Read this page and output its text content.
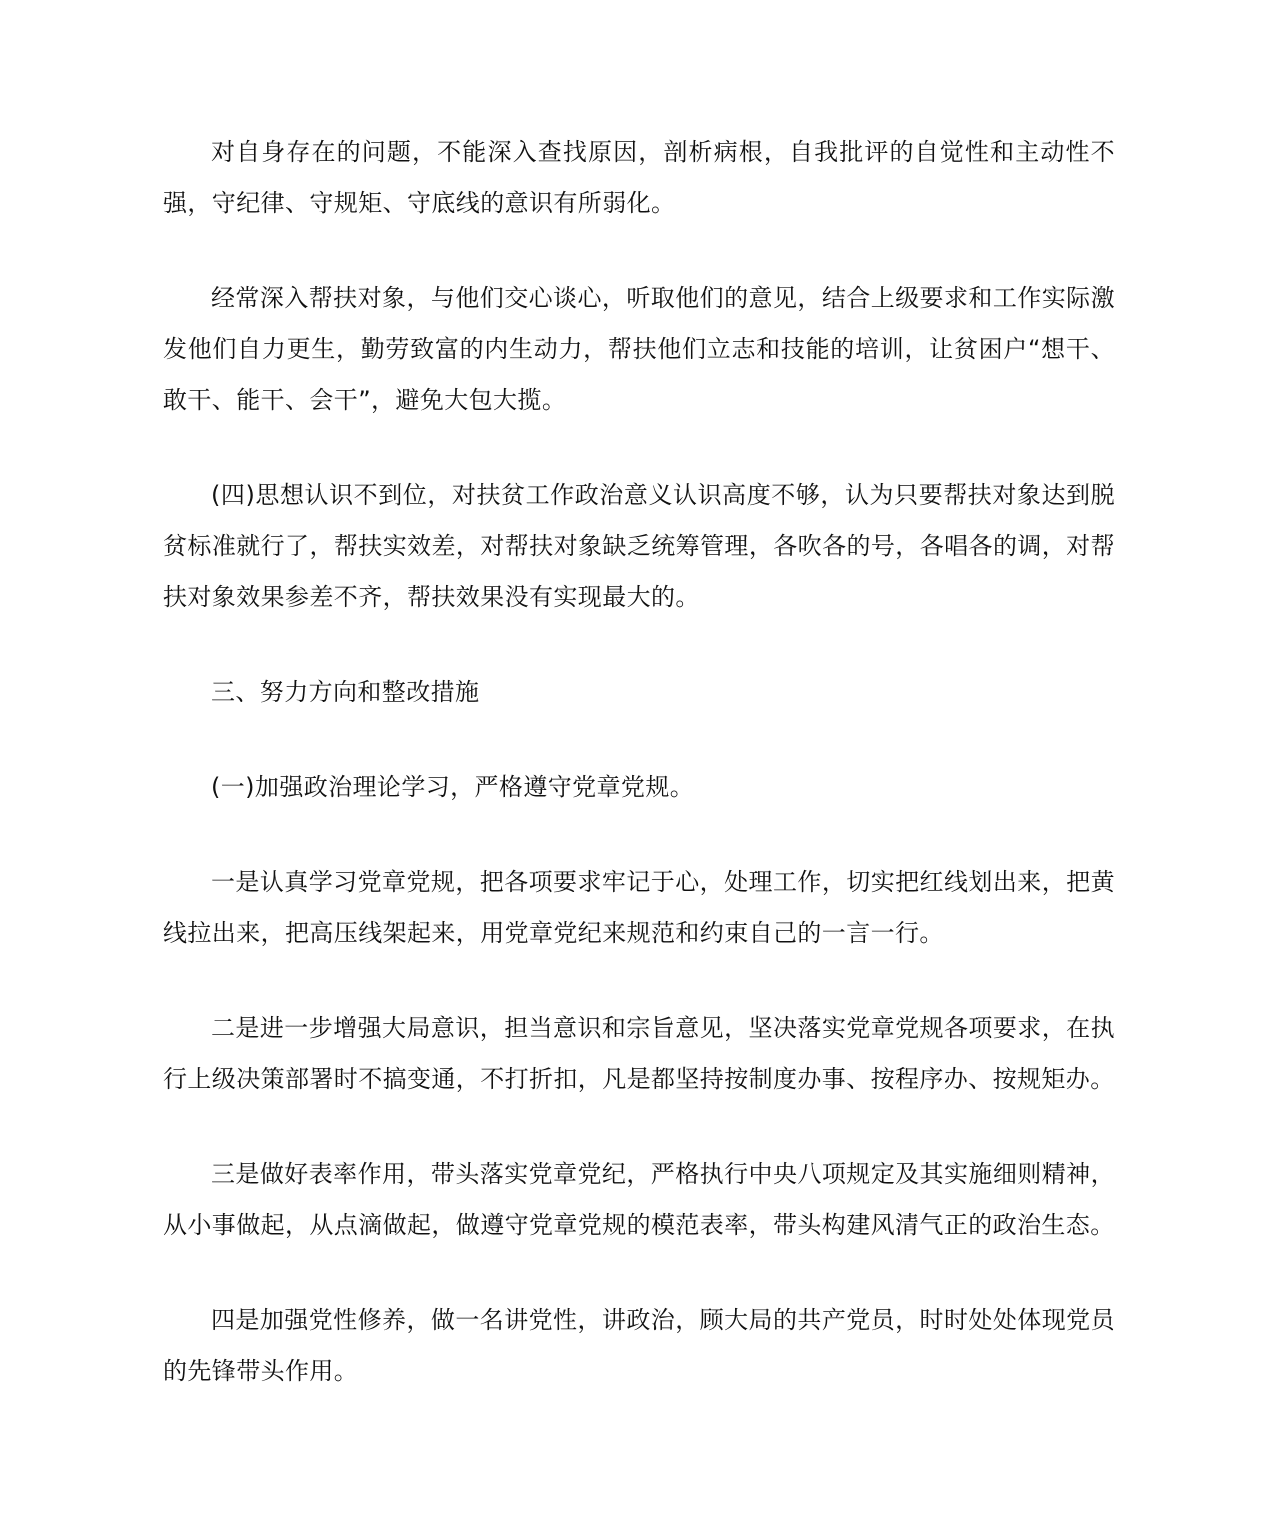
对自身存在的问题，不能深入查找原因，剖析病根，自我批评的自觉性和主动性不强，守纪律、守规矩、守底线的意识有所弱化。

经常深入帮扶对象，与他们交心谈心，听取他们的意见，结合上级要求和工作实际激发他们自力更生，勤劳致富的内生动力，帮扶他们立志和技能的培训，让贫困户“想干、敢干、能干、会干”，避免大包大揽。

(四)思想认识不到位，对扶贫工作政治意义认识高度不够，认为只要帮扶对象达到脱贫标准就行了，帮扶实效差，对帮扶对象缺乏统筹管理，各吹各的号，各唱各的调，对帮扶对象效果参差不齐，帮扶效果没有实现最大的。

三、努力方向和整改措施

(一)加强政治理论学习，严格遵守党章党规。

一是认真学习党章党规，把各项要求牢记于心，处理工作，切实把红线划出来，把黄线拉出来，把高压线架起来，用党章党纪来规范和约束自己的一言一行。

二是进一步增强大局意识，担当意识和宗旨意见，坚决落实党章党规各项要求，在执行上级决策部署时不搞变通，不打折扣，凡是都坚持按制度办事、按程序办、按规矩办。

三是做好表率作用，带头落实党章党纪，严格执行中央八项规定及其实施细则精神，从小事做起，从点滴做起，做遵守党章党规的模范表率，带头构建风清气正的政治生态。

四是加强党性修养，做一名讲党性，讲政治，顾大局的共产党员，时时处处体现党员的先锋带头作用。
